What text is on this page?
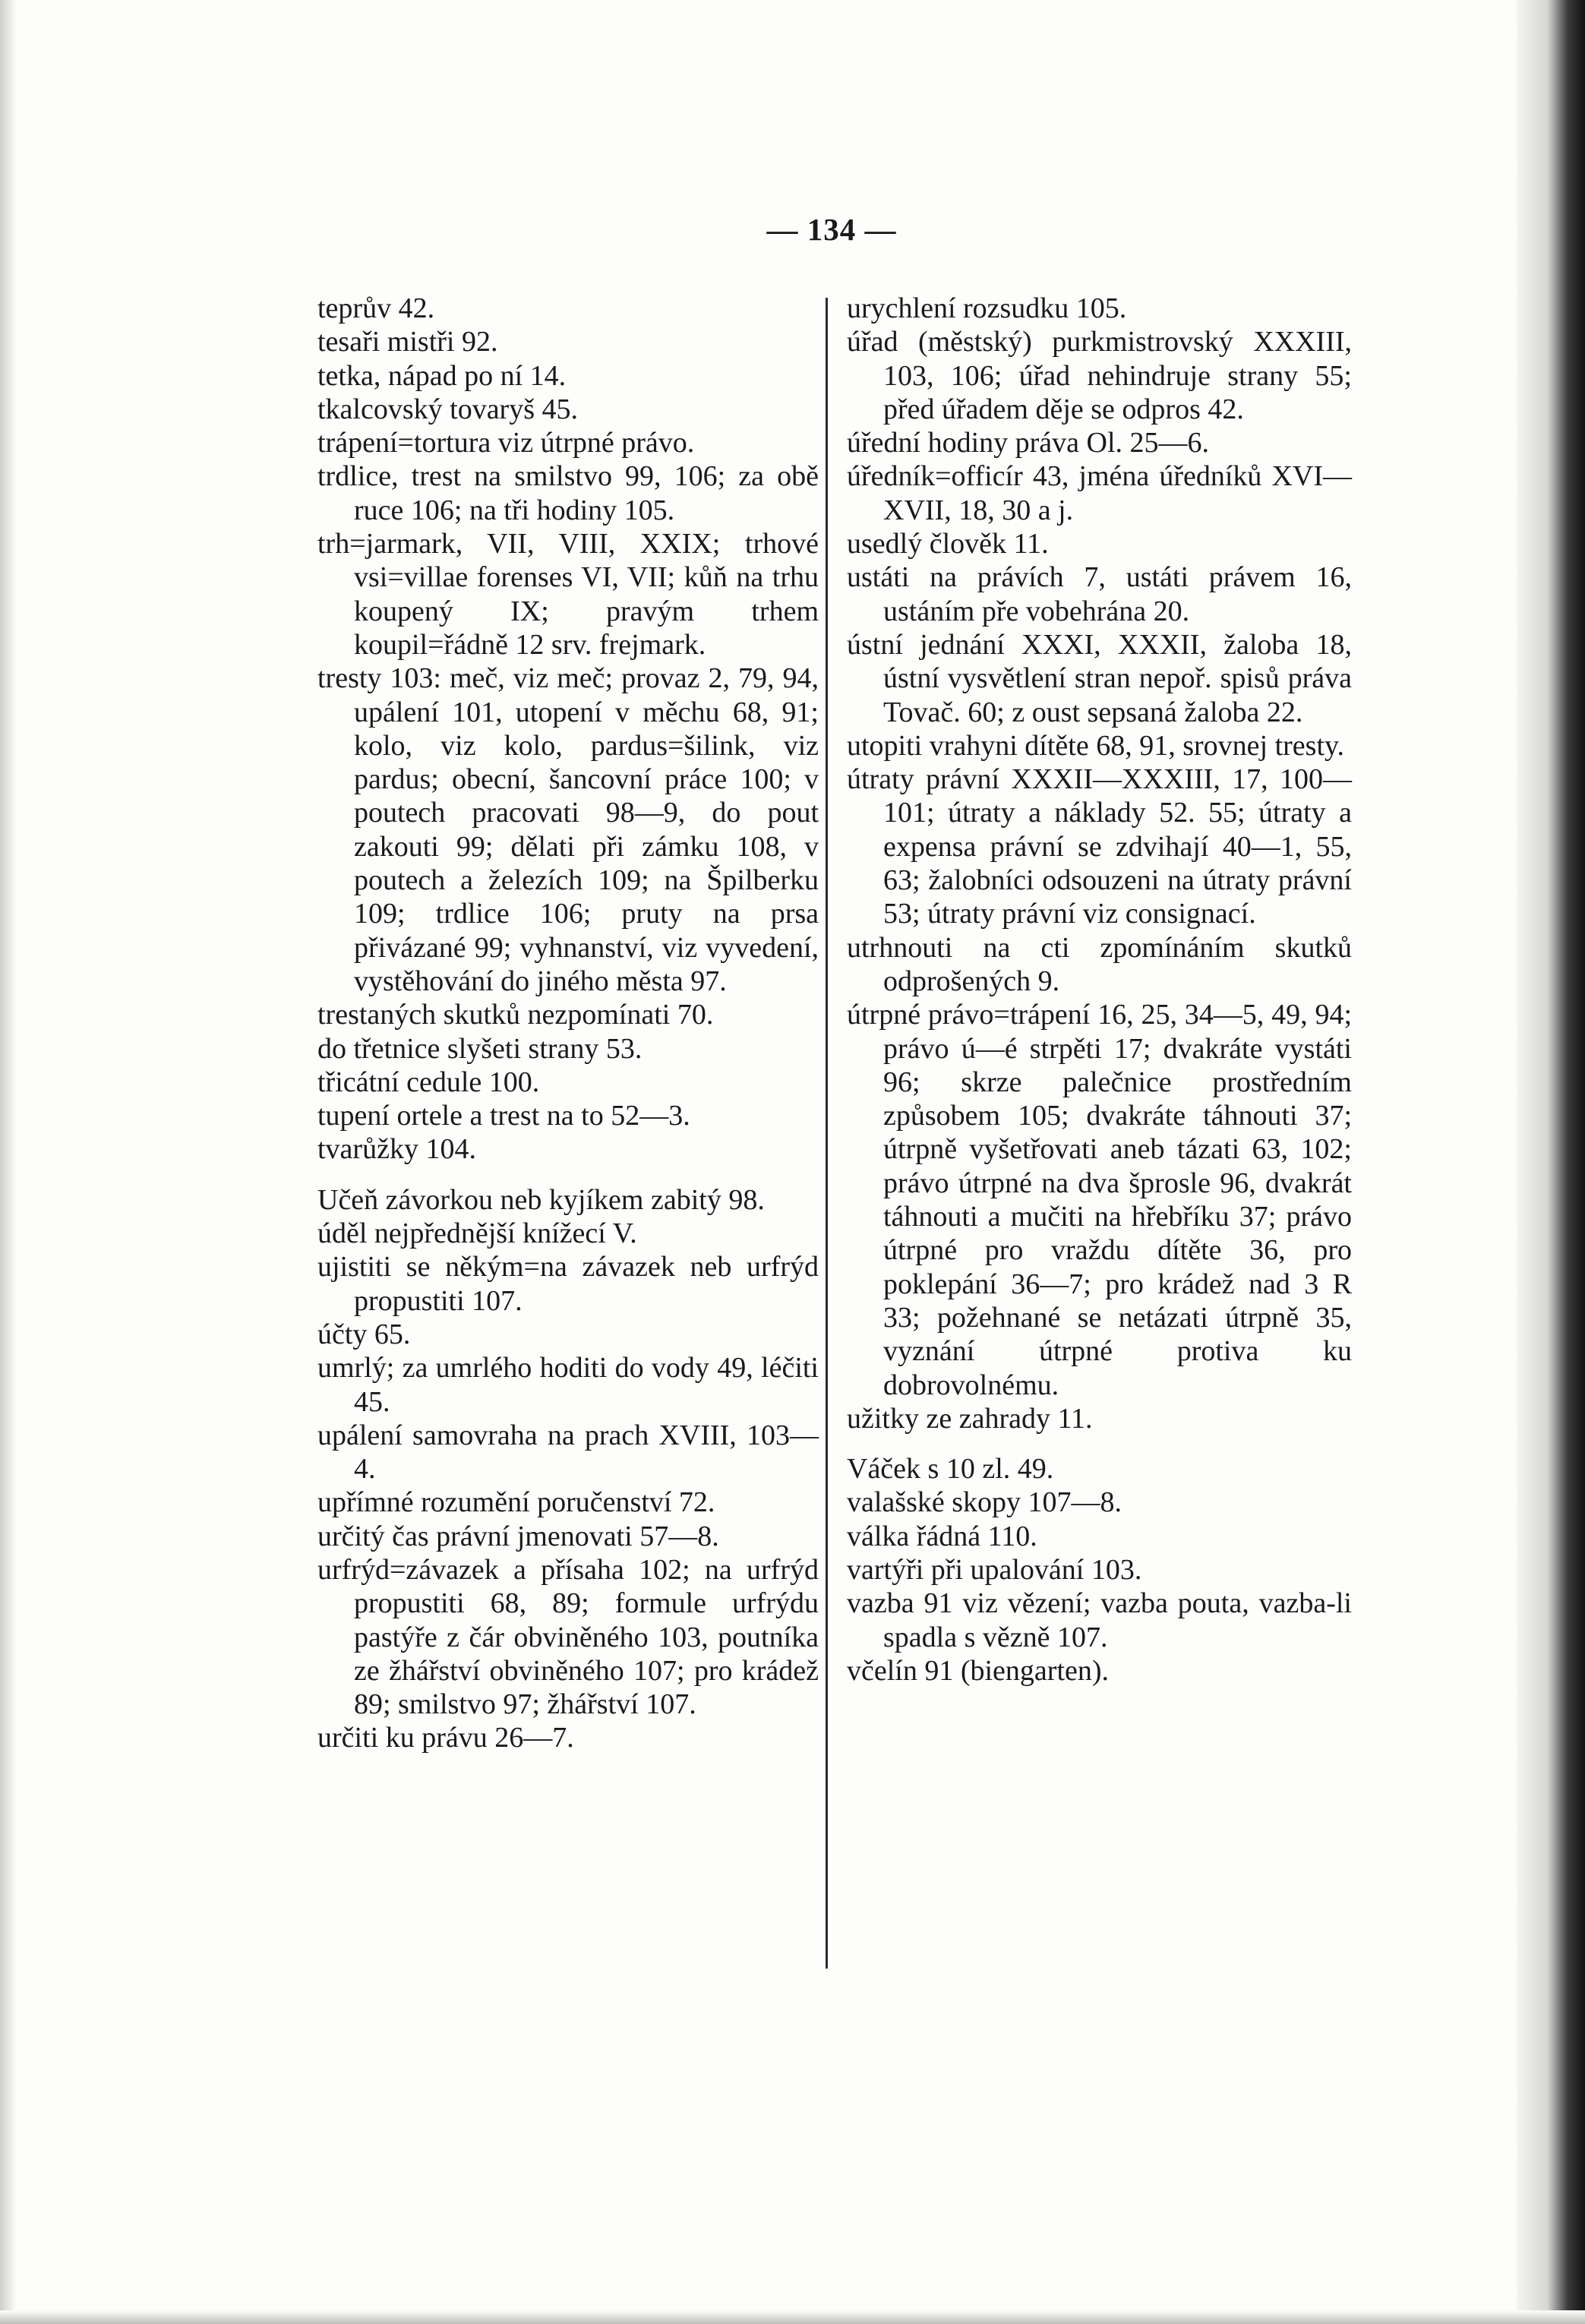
— 134 —
teprův 42.
tesaři mistři 92.
tetka, nápad po ní 14.
tkalcovský tovaryš 45.
trápení=tortura viz útrpné právo.
trdlice, trest na smilstvo 99, 106; za obě ruce 106; na tři hodiny 105.
trh=jarmark, VII, VIII, XXIX; trhové vsi=villae forenses VI, VII; kůň na trhu koupený IX; pravým trhem koupil=řádně 12 srv. frejmark.
tresty 103: meč, viz meč; provaz 2, 79, 94, upálení 101, utopení v měchu 68, 91; kolo, viz kolo, pardus=šilink, viz pardus; obecní, šancovní práce 100; v poutech pracovati 98—9, do pout zakouti 99; dělati při zámku 108, v poutech a železích 109; na Špilberku 109; trdlice 106; pruty na prsa přivázané 99; vyhnanství, viz vyvedení, vystěhování do jiného města 97.
trestaných skutků nezpomínati 70.
do třetnice slyšeti strany 53.
třicátní cedule 100.
tupení ortele a trest na to 52—3.
tvarůžky 104.
Učeň závorkou neb kyjíkem zabitý 98.
úděl nejpřednější knížecí V.
ujistiti se někým=na závazek neb urfrýd propustiti 107.
účty 65.
umrlý; za umrlého hoditi do vody 49, léčiti 45.
upálení samovraha na prach XVIII, 103—4.
upřímné rozumění poručenství 72.
určitý čas právní jmenovati 57—8.
urfrýd=závazek a přísaha 102; na urfrýd propustiti 68, 89; formule urfrýdu pastýře z čár obviněného 103, poutníka ze žhářství obviněného 107; pro krádež 89; smilstvo 97; žhářství 107.
určiti ku právu 26—7.
urychlení rozsudku 105.
úřad (městský) purkmistrovský XXXIII, 103, 106; úřad nehindruje strany 55; před úřadem děje se odpros 42.
úřední hodiny práva Ol. 25—6.
úředník=officír 43, jména úředníků XVI—XVII, 18, 30 a j.
usedlý člověk 11.
ustáti na právích 7, ustáti právem 16, ustáním pře vobehrána 20.
ústní jednání XXXI, XXXII, žaloba 18, ústní vysvětlení stran nepoř. spisů práva Tovač. 60; z oust sepsaná žaloba 22.
utopiti vrahyni dítěte 68, 91, srovnej tresty.
útraty právní XXXII—XXXIII, 17, 100—101; útraty a náklady 52. 55; útraty a expensa právní se zdvihají 40—1, 55, 63; žalobníci odsouzeni na útraty právní 53; útraty právní viz consignací.
utrhnouti na cti zpomínáním skutků odprošených 9.
útrpné právo=trápení 16, 25, 34—5, 49, 94; právo ú—é strpěti 17; dvakráte vystáti 96; skrze palečnice prostředním způsobem 105; dvakráte táhnouti 37; útrpně vyšetřovati aneb tázati 63, 102; právo útrpné na dva šprosle 96, dvakrát táhnouti a mučiti na hřebříku 37; právo útrpné pro vraždu dítěte 36, pro poklepání 36—7; pro krádež nad 3 R 33; požehnané se netázati útrpně 35, vyznání útrpné protiva ku dobrovolnému.
užitky ze zahrady 11.
Váček s 10 zl. 49.
valašské skopy 107—8.
válka řádná 110.
vartýři při upalování 103.
vazba 91 viz vězení; vazba pouta, vazba-li spadla s vězně 107.
včelín 91 (biengarten).
